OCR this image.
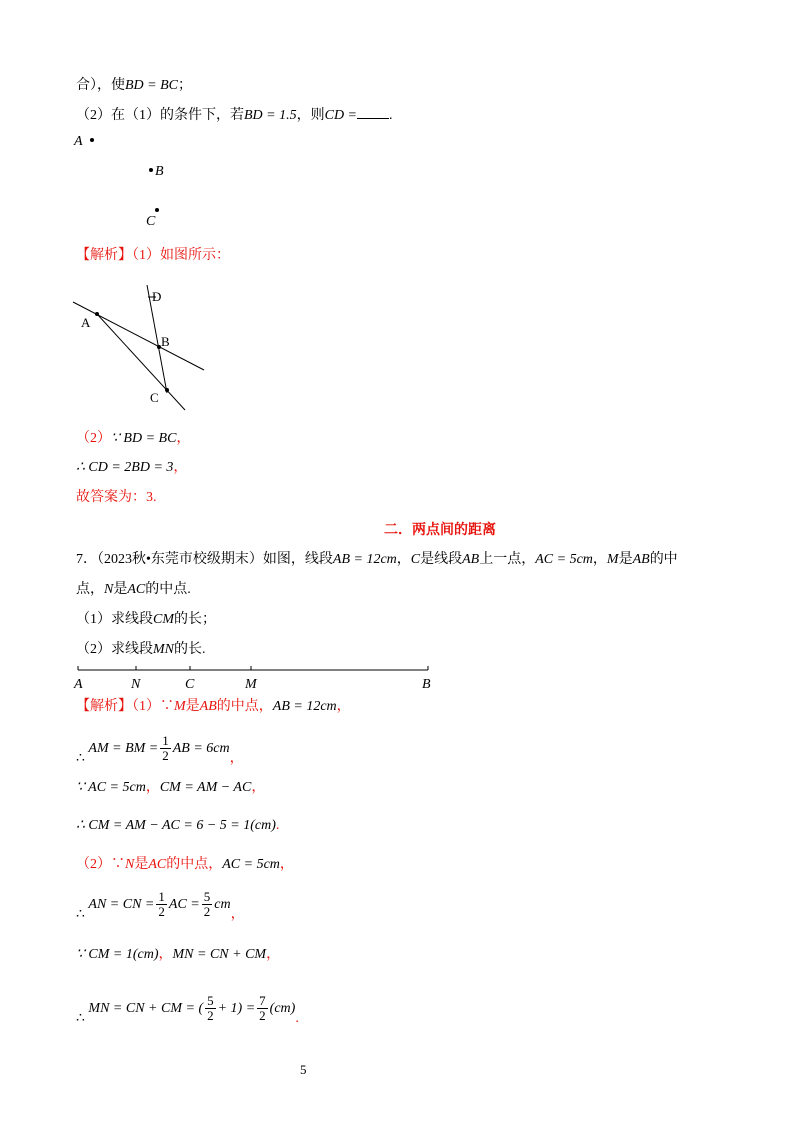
合），使BD = BC；
（2）在（1）的条件下，若BD = 1.5，则CD = .
A
B
C
【解析】（1）如图所示：
A
B
C
D
（2）∵ BD = BC，
∴ CD = 2BD = 3，
故答案为：3.
二．两点间的距离
7．（2023秋•东莞市校级期末）如图，线段AB = 12cm，C是线段AB上一点，AC = 5cm，M是AB的中
点，N是AC的中点.
（1）求线段CM的长；
（2）求线段MN的长.
A	N	C	M	B
【解析】（1）∵M是AB的中点，AB = 12cm，
∴ AM = BM = $\frac{1}{2}$ AB = 6cm，
∵ AC = 5cm，CM = AM − AC，
∴ CM = AM − AC = 6 − 5 = 1(cm).
（2）∵N是AC的中点，AC = 5cm，
∴ AN = CN = $\frac{1}{2}$ AC = $\frac{5}{2}$ cm，
∵ CM = 1(cm)，MN = CN + CM，
∴ MN = CN + CM = ( $\frac{5}{2} + 1) = \frac{7}{2} (cm)$.
5
